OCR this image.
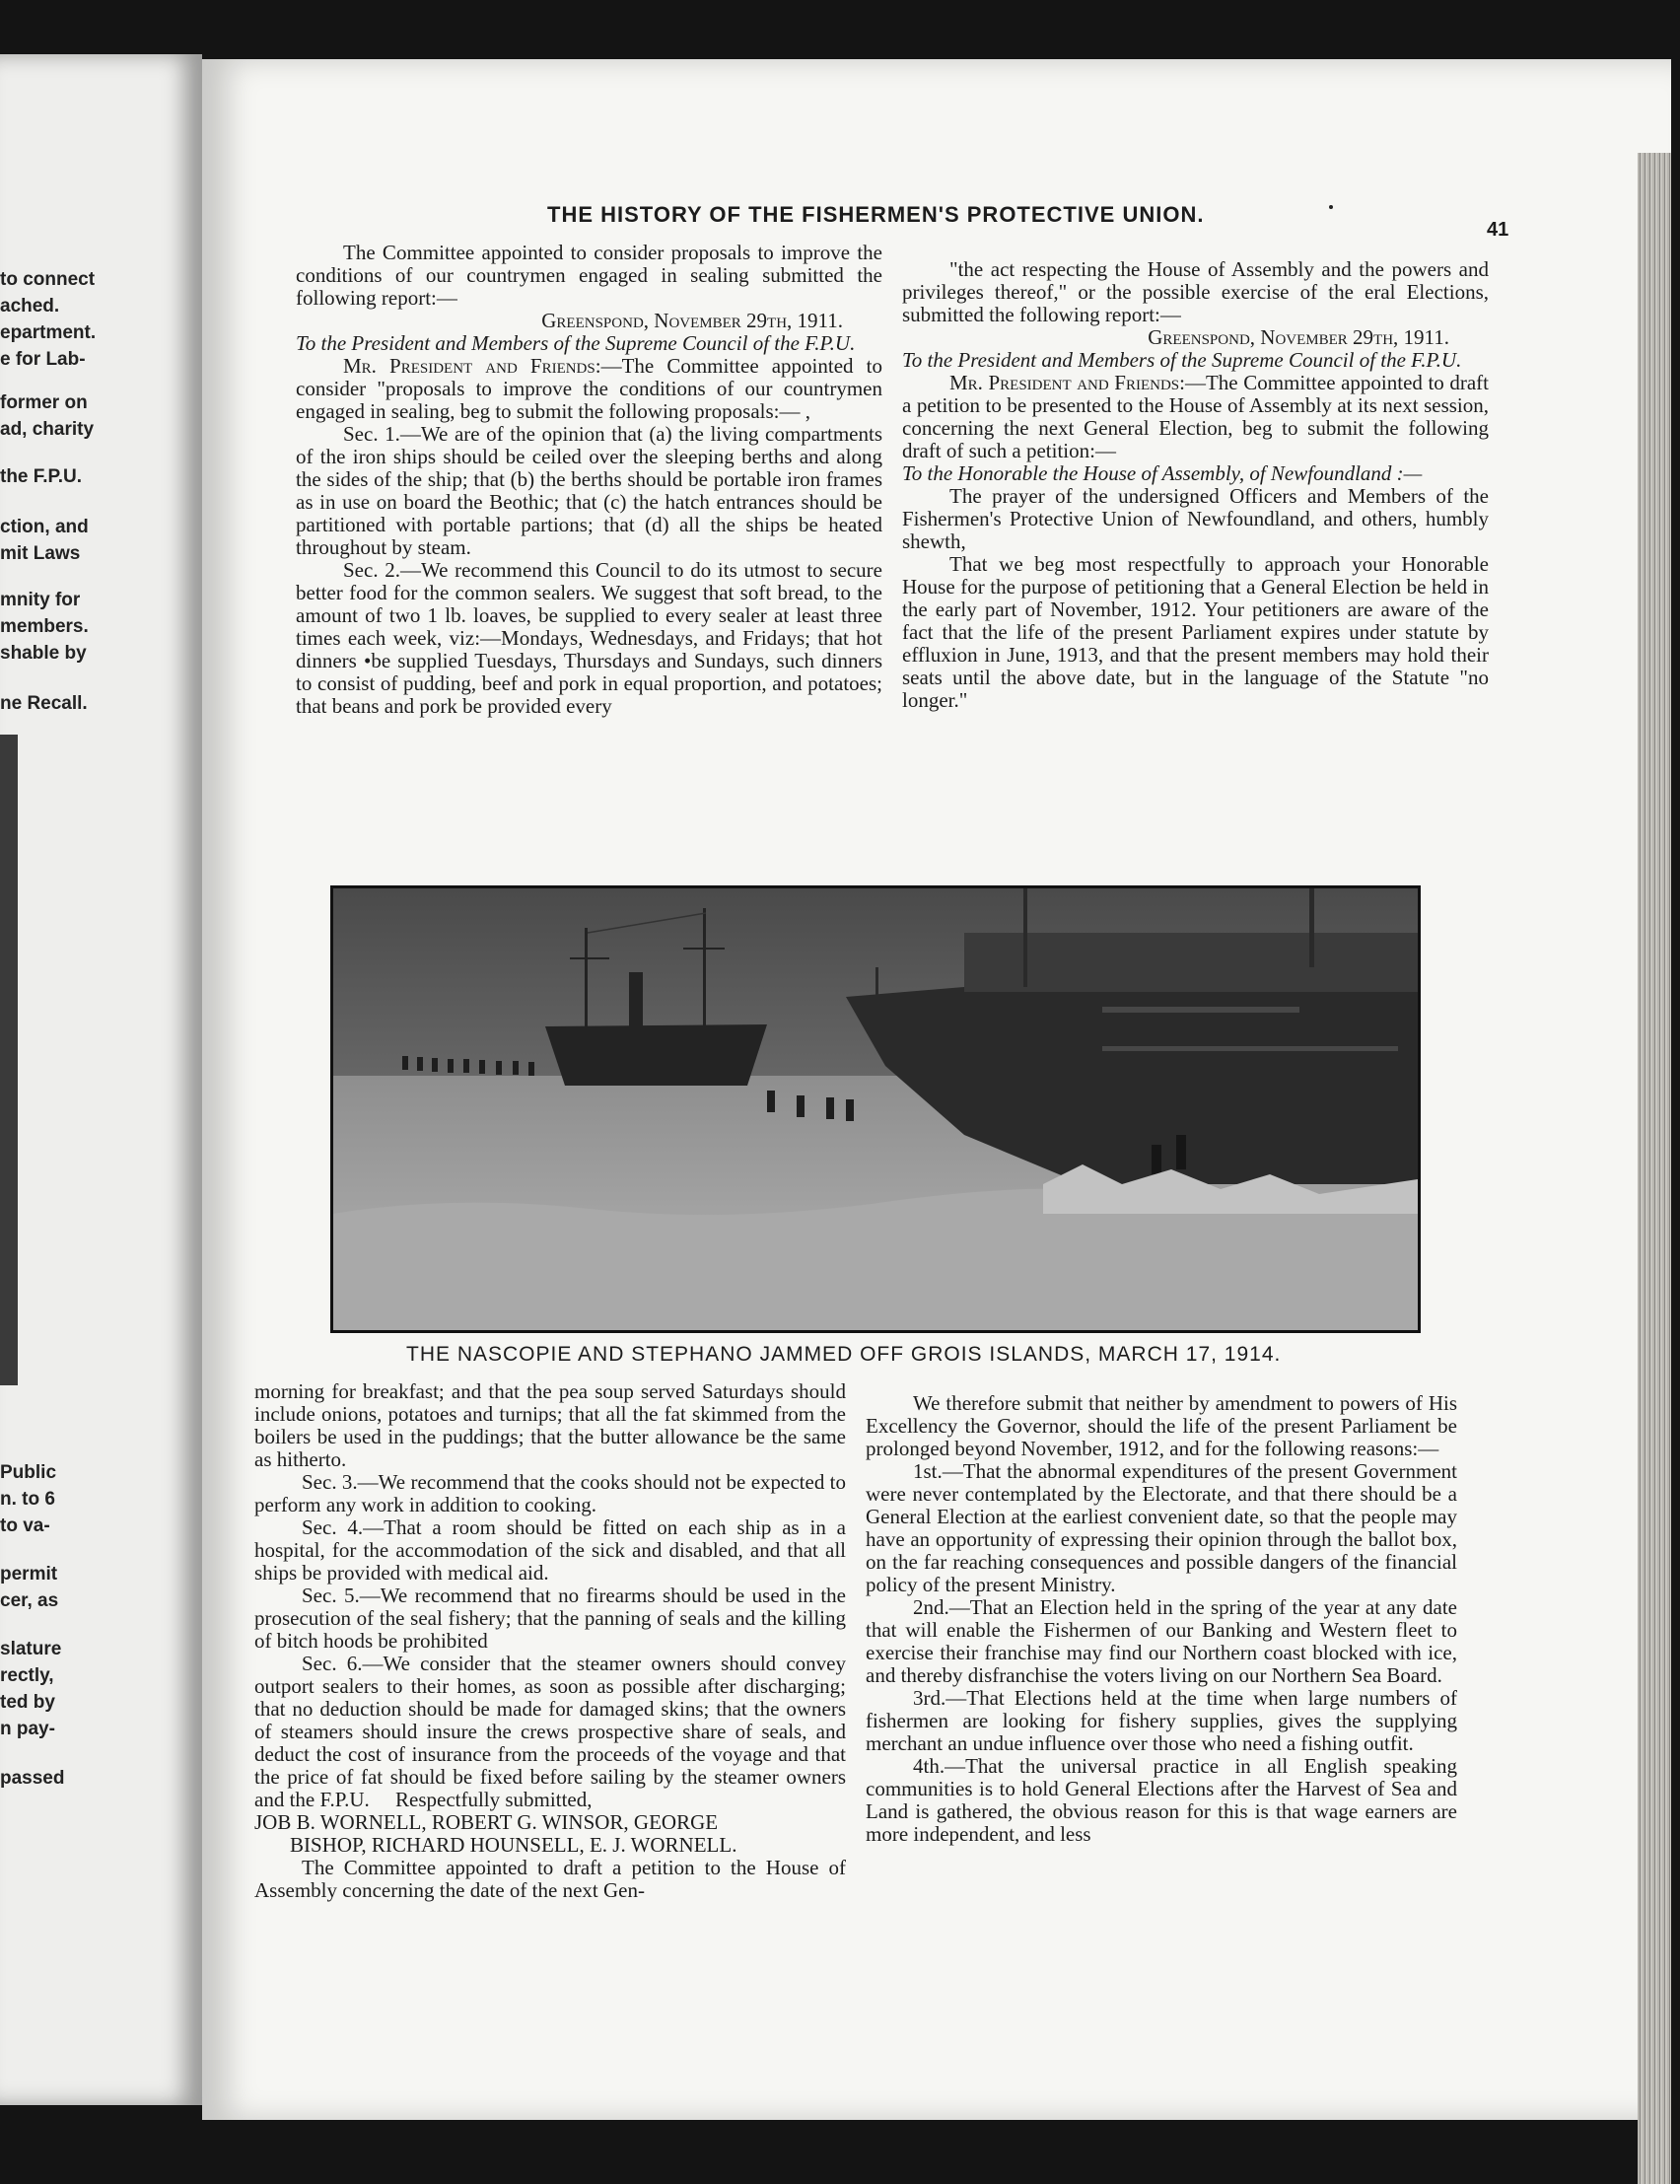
to connect
ached.
epartment.
e for Lab-
former on
ad, charity
the F.P.U.
ction, and
mit Laws
mnity for
members.
shable by
ne Recall.
Public
n. to 6
to va-
permit
cer, as
slature
rectly,
ted by
n pay-
passed
THE HISTORY OF THE FISHERMEN'S PROTECTIVE UNION.
41

The Committee appointed to consider proposals to improve the conditions of our countrymen engaged in sealing submitted the following report:—

Greenspond, November 29th, 1911.

To the President and Members of the Supreme Council of the F.P.U.

Mr. President and Friends:—The Committee appointed to consider "proposals to improve the conditions of our countrymen engaged in sealing, beg to submit the following proposals:— ,

Sec. 1.—We are of the opinion that (a) the living compartments of the iron ships should be ceiled over the sleeping berths and along the sides of the ship; that (b) the berths should be portable iron frames as in use on board the Beothic; that (c) the hatch entrances should be partitioned with portable partions; that (d) all the ships be heated throughout by steam.

Sec. 2.—We recommend this Council to do its utmost to secure better food for the common sealers. We suggest that soft bread, to the amount of two 1 lb. loaves, be supplied to every sealer at least three times each week, viz:—Mondays, Wednesdays, and Fridays; that hot dinners •be supplied Tuesdays, Thursdays and Sundays, such dinners to consist of pudding, beef and pork in equal proportion, and potatoes; that beans and pork be provided every

"the act respecting the House of Assembly and the powers and privileges thereof," or the possible exercise of the eral Elections, submitted the following report:—

Greenspond, November 29th, 1911.

To the President and Members of the Supreme Council of the F.P.U.

Mr. President and Friends:—The Committee appointed to draft a petition to be presented to the House of Assembly at its next session, concerning the next General Election, beg to submit the following draft of such a petition:—

To the Honorable the House of Assembly, of Newfoundland :—

The prayer of the undersigned Officers and Members of the Fishermen's Protective Union of Newfoundland, and others, humbly shewth,

That we beg most respectfully to approach your Honorable House for the purpose of petitioning that a General Election be held in the early part of November, 1912. Your petitioners are aware of the fact that the life of the present Parliament expires under statute by effluxion in June, 1913, and that the present members may hold their seats until the above date, but in the language of the Statute "no longer."

THE NASCOPIE AND STEPHANO JAMMED OFF GROIS ISLANDS, MARCH 17, 1914.

morning for breakfast; and that the pea soup served Saturdays should include onions, potatoes and turnips; that all the fat skimmed from the boilers be used in the puddings; that the butter allowance be the same as hitherto.

Sec. 3.—We recommend that the cooks should not be expected to perform any work in addition to cooking.

Sec. 4.—That a room should be fitted on each ship as in a hospital, for the accommodation of the sick and disabled, and that all ships be provided with medical aid.

Sec. 5.—We recommend that no firearms should be used in the prosecution of the seal fishery; that the panning of seals and the killing of bitch hoods be prohibited

Sec. 6.—We consider that the steamer owners should convey outport sealers to their homes, as soon as possible after discharging; that no deduction should be made for damaged skins; that the owners of steamers should insure the crews prospective share of seals, and deduct the cost of insurance from the proceeds of the voyage and that the price of fat should be fixed before sailing by the steamer owners and the F.P.U. Respectfully submitted,

JOB B. WORNELL, ROBERT G. WINSOR, GEORGE
BISHOP, RICHARD HOUNSELL, E. J. WORNELL.

The Committee appointed to draft a petition to the House of Assembly concerning the date of the next Gen-

We therefore submit that neither by amendment to powers of His Excellency the Governor, should the life of the present Parliament be prolonged beyond November, 1912, and for the following reasons:—

1st.—That the abnormal expenditures of the present Government were never contemplated by the Electorate, and that there should be a General Election at the earliest convenient date, so that the people may have an opportunity of expressing their opinion through the ballot box, on the far reaching consequences and possible dangers of the financial policy of the present Ministry.

2nd.—That an Election held in the spring of the year at any date that will enable the Fishermen of our Banking and Western fleet to exercise their franchise may find our Northern coast blocked with ice, and thereby disfranchise the voters living on our Northern Sea Board.

3rd.—That Elections held at the time when large numbers of fishermen are looking for fishery supplies, gives the supplying merchant an undue influence over those who need a fishing outfit.

4th.—That the universal practice in all English speaking communities is to hold General Elections after the Harvest of Sea and Land is gathered, the obvious reason for this is that wage earners are more independent, and less
